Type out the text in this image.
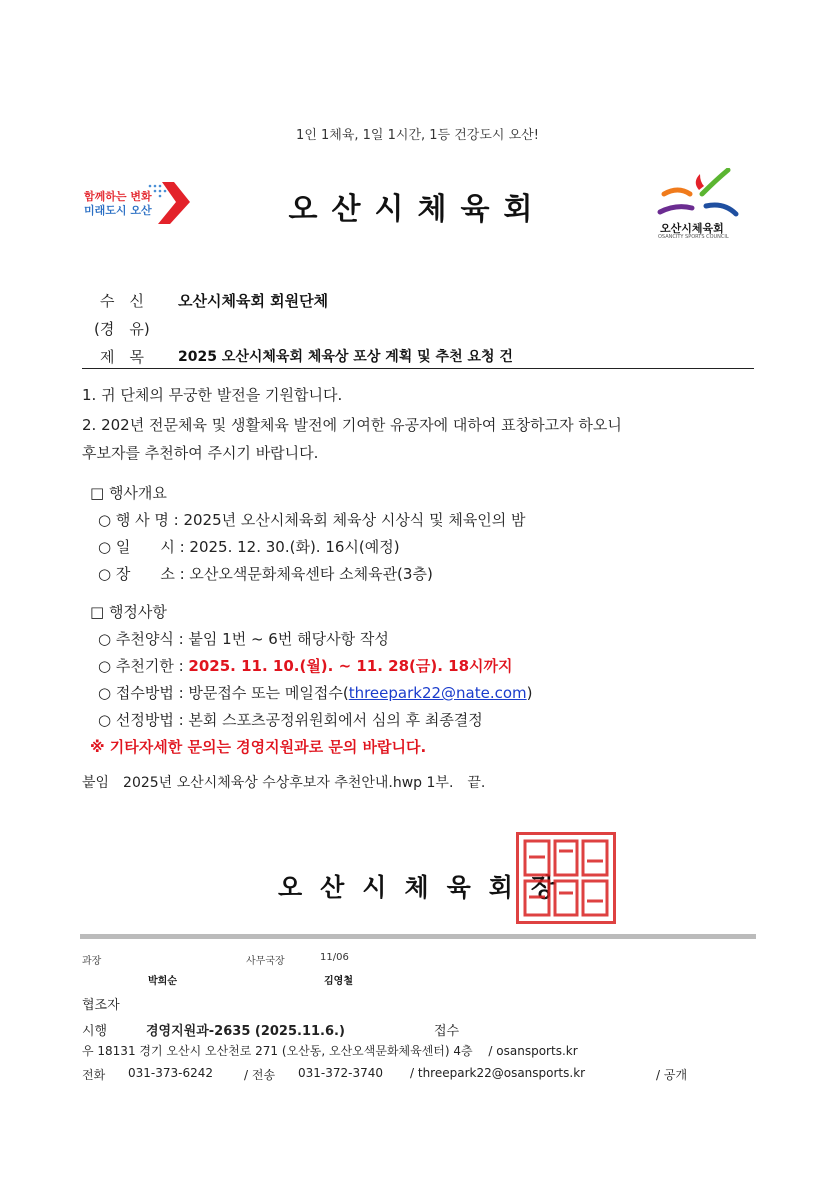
1인 1체육, 1일 1시간, 1등 건강도시 오산!
함께하는 변화
미래도시 오산	오산시체육회
오산시체육회
OSANCITY SPORTS COUNCIL
수　신 오산시체육회 회원단체
(경　유)
제　목 2025 오산시체육회 체육상 포상 계획 및 추천 요청 건
1. 귀 단체의 무궁한 발전을 기원합니다.
2. 202년 전문체육 및 생활체육 발전에 기여한 유공자에 대하여 표창하고자 하오니
후보자를 추천하여 주시기 바랍니다.
□ 행사개요
○ 행 사 명 : 2025년 오산시체육회 체육상 시상식 및 체육인의 밤
○ 일　　시 : 2025. 12. 30.(화). 16시(예정)
○ 장　　소 : 오산오색문화체육센타 소체육관(3층)
□ 행정사항
○ 추천양식 : 붙임 1번 ~ 6번 해당사항 작성
○ 추천기한 : 2025. 11. 10.(월). ~ 11. 28(금). 18시까지
○ 접수방법 : 방문접수 또는 메일접수(threepark22@nate.com)
○ 선정방법 : 본회 스포츠공정위원회에서 심의 후 최종결정
※ 기타자세한 문의는 경영지원과로 문의 바랍니다.
붙임　2025년 오산시체육상 수상후보자 추천안내.hwp 1부.　끝.
오산시체육회장
과장	사무국장	11/06
박희순	김영철
협조자
시행	경영지원과-2635 (2025.11.6.)	접수
우 18131 경기 오산시 오산천로 271 (오산동, 오산오색문화체육센터) 4층　 / osansports.kr
전화 031-373-6242	/ 전송 031-372-3740 / threepark22@osansports.kr	/ 공개
